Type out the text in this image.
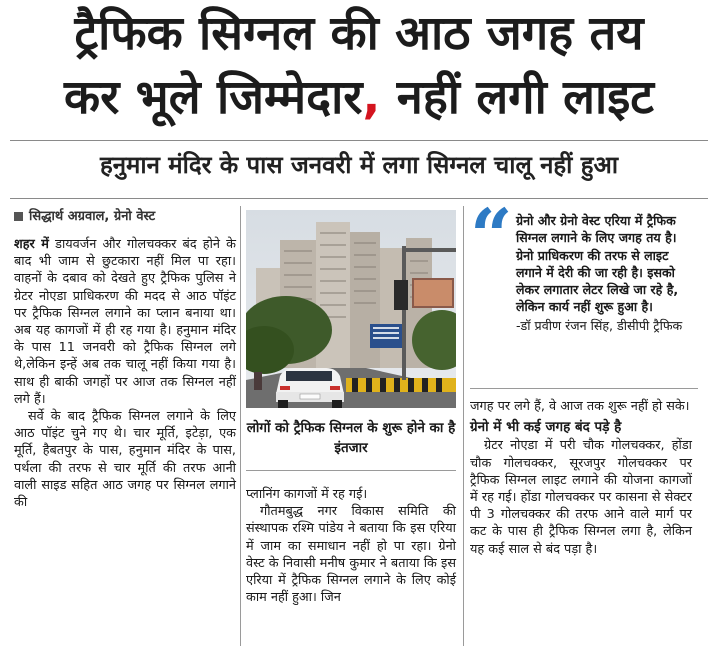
ट्रैफिक सिग्नल की आठ जगह तय
कर भूले जिम्मेदार, नहीं लगी लाइट
हनुमान मंदिर के पास जनवरी में लगा सिग्नल चालू नहीं हुआ
सिद्धार्थ अग्रवाल, ग्रेनो वेस्ट

शहर में डायवर्जन और गोलचक्कर बंद होने के बाद भी जाम से छुटकारा नहीं मिल पा रहा। वाहनों के दबाव को देखते हुए ट्रैफिक पुलिस ने ग्रेटर नोएडा प्राधिकरण की मदद से आठ पॉइंट पर ट्रैफिक सिग्नल लगाने का प्लान बनाया था। अब यह कागजों में ही रह गया है। हनुमान मंदिर के पास 11 जनवरी को ट्रैफिक सिग्नल लगे थे,लेकिन इन्हें अब तक चालू नहीं किया गया है। साथ ही बाकी जगहों पर आज तक सिग्नल नहीं लगे हैं।

सर्वे के बाद ट्रैफिक सिग्नल लगाने के लिए आठ पॉइंट चुने गए थे। चार मूर्ति, इटेड़ा, एक मूर्ति, हैबतपुर के पास, हनुमान मंदिर के पास, पर्थला की तरफ से चार मूर्ति की तरफ आनी वाली साइड सहित आठ जगह पर सिग्नल लगाने की

लोगों को ट्रैफिक सिग्नल के शुरू होने का है इंतजार

प्लानिंग कागजों में रह गई।

गौतमबुद्ध नगर विकास समिति की संस्थापक रश्मि पांडेय ने बताया कि इस एरिया में जाम का समाधान नहीं हो पा रहा। ग्रेनो वेस्ट के निवासी मनीष कुमार ने बताया कि इस एरिया में ट्रैफिक सिग्नल लगाने के लिए कोई काम नहीं हुआ। जिन

“ ग्रेनो और ग्रेनो वेस्ट एरिया में ट्रैफिक सिग्नल लगाने के लिए जगह तय है। ग्रेनो प्राधिकरण की तरफ से लाइट लगाने में देरी की जा रही है। इसको लेकर लगातार लेटर लिखे जा रहे है, लेकिन कार्य नहीं शुरू हुआ है।
-डॉ प्रवीण रंजन सिंह, डीसीपी ट्रैफिक

जगह पर लगे हैं, वे आज तक शुरू नहीं हो सके।

ग्रेनो में भी कई जगह बंद पड़े है

ग्रेटर नोएडा में परी चौक गोलचक्कर, होंडा चौक गोलचक्कर, सूरजपुर गोलचक्कर पर ट्रैफिक सिग्नल लाइट लगाने की योजना कागजों में रह गई। होंडा गोलचक्कर पर कासना से सेक्टर पी 3 गोलचक्कर की तरफ आने वाले मार्ग पर कट के पास ही ट्रैफिक सिग्नल लगा है, लेकिन यह कई साल से बंद पड़ा है।
